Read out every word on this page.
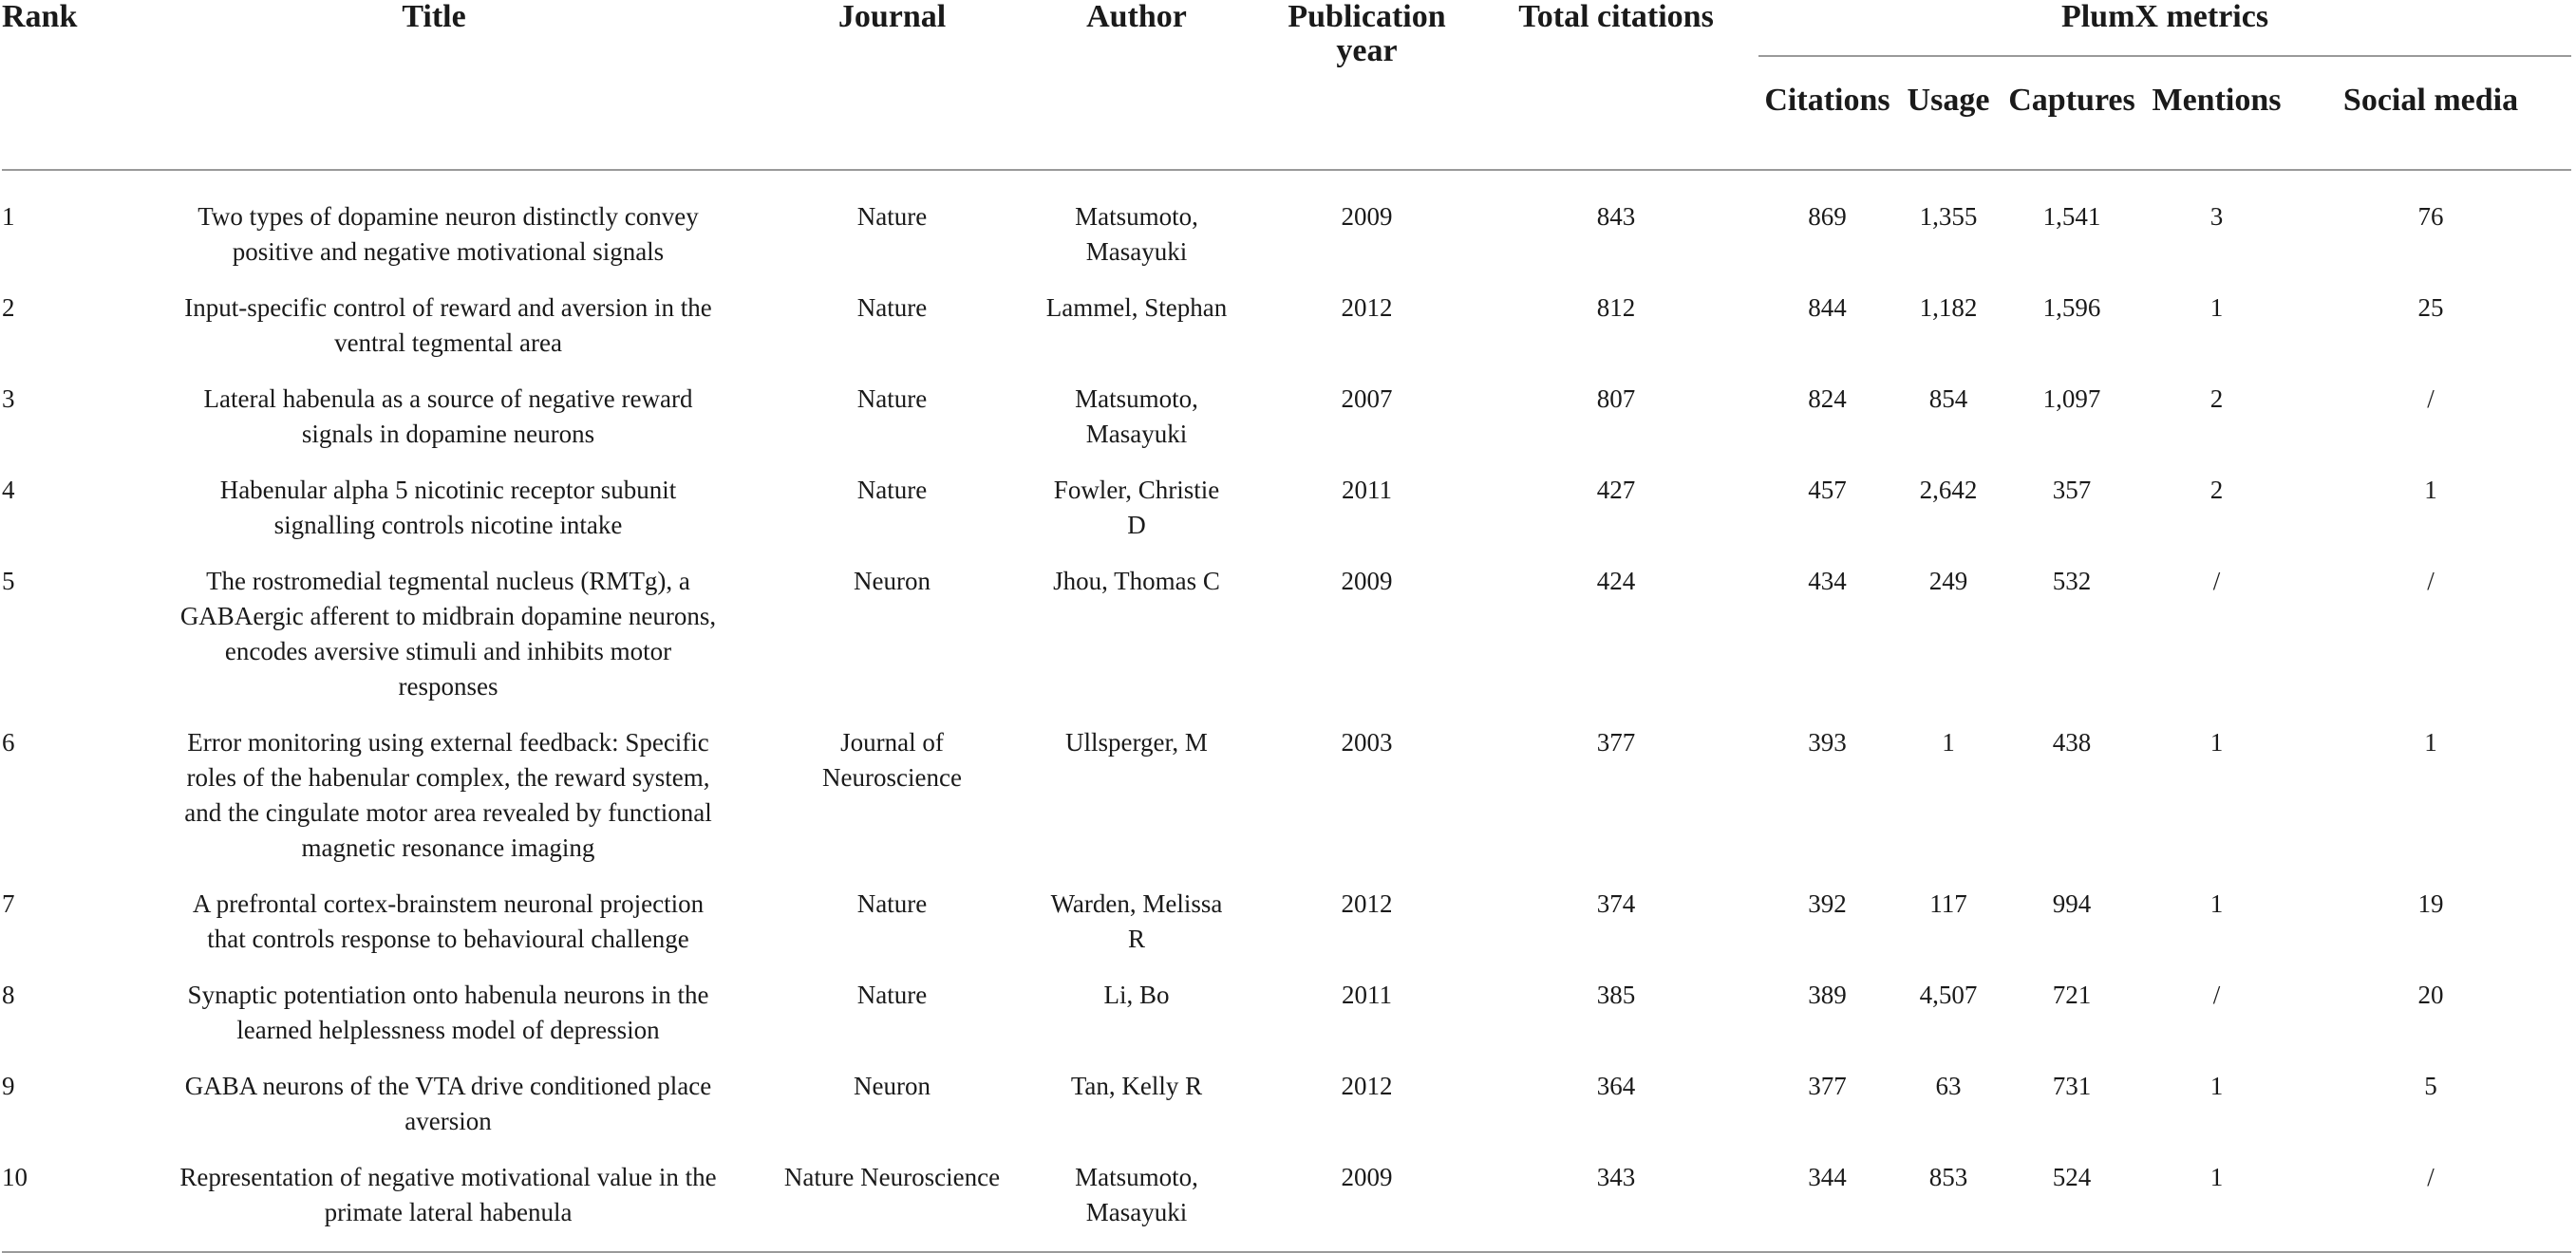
Rank	Title	Journal	Author	Publication year	Total citations	PlumX metrics				
						Citations	Usage	Captures	Mentions	Social media
1	Two types of dopamine neuron distinctly convey positive and negative motivational signals	Nature	Matsumoto, Masayuki	2009	843	869	1,355	1,541	3	76
2	Input-specific control of reward and aversion in the ventral tegmental area	Nature	Lammel, Stephan	2012	812	844	1,182	1,596	1	25
3	Lateral habenula as a source of negative reward signals in dopamine neurons	Nature	Matsumoto, Masayuki	2007	807	824	854	1,097	2	/
4	Habenular alpha 5 nicotinic receptor subunit signalling controls nicotine intake	Nature	Fowler, Christie D	2011	427	457	2,642	357	2	1
5	The rostromedial tegmental nucleus (RMTg), a GABAergic afferent to midbrain dopamine neurons, encodes aversive stimuli and inhibits motor responses	Neuron	Jhou, Thomas C	2009	424	434	249	532	/	/
6	Error monitoring using external feedback: Specific roles of the habenular complex, the reward system, and the cingulate motor area revealed by functional magnetic resonance imaging	Journal of Neuroscience	Ullsperger, M	2003	377	393	1	438	1	1
7	A prefrontal cortex-brainstem neuronal projection that controls response to behavioural challenge	Nature	Warden, Melissa R	2012	374	392	117	994	1	19
8	Synaptic potentiation onto habenula neurons in the learned helplessness model of depression	Nature	Li, Bo	2011	385	389	4,507	721	/	20
9	GABA neurons of the VTA drive conditioned place aversion	Neuron	Tan, Kelly R	2012	364	377	63	731	1	5
10	Representation of negative motivational value in the primate lateral habenula	Nature Neuroscience	Matsumoto, Masayuki	2009	343	344	853	524	1	/
